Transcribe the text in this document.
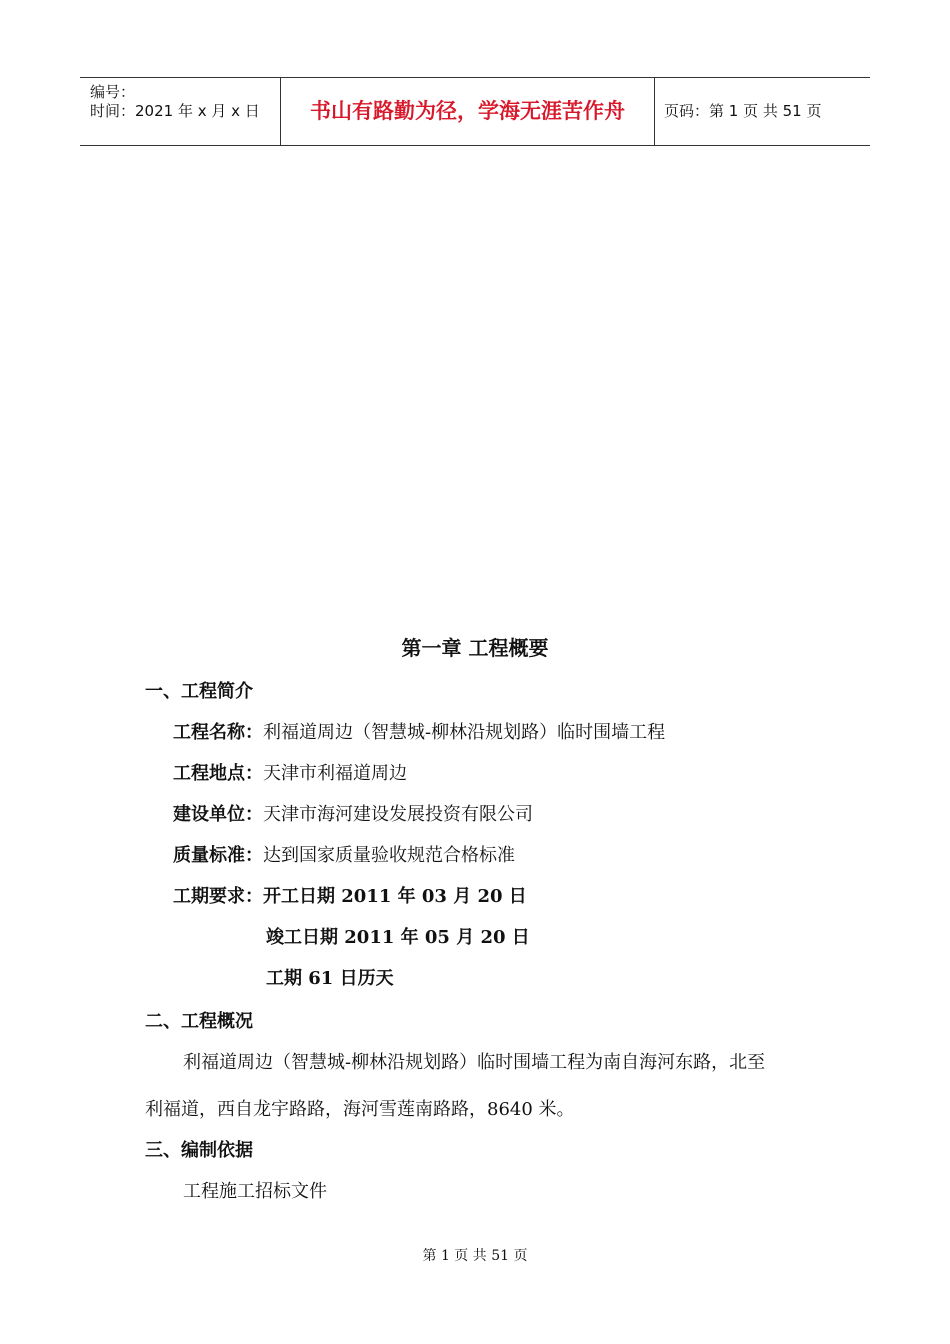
编号：
时间：2021 年 x 月 x 日	书山有路勤为径，学海无涯苦作舟	页码：第 1 页 共 51 页
第一章 工程概要
一、工程简介
工程名称：利福道周边（智慧城-柳林沿规划路）临时围墙工程
工程地点：天津市利福道周边
建设单位：天津市海河建设发展投资有限公司
质量标准：达到国家质量验收规范合格标准
工期要求：开工日期 2011 年 03 月 20 日
竣工日期 2011 年 05 月 20 日
工期 61 日历天
二、工程概况
利福道周边（智慧城-柳林沿规划路）临时围墙工程为南自海河东路，北至
利福道，西自龙宇路路，海河雪莲南路路，8640 米。
三、编制依据
工程施工招标文件
第 1 页 共 51 页
